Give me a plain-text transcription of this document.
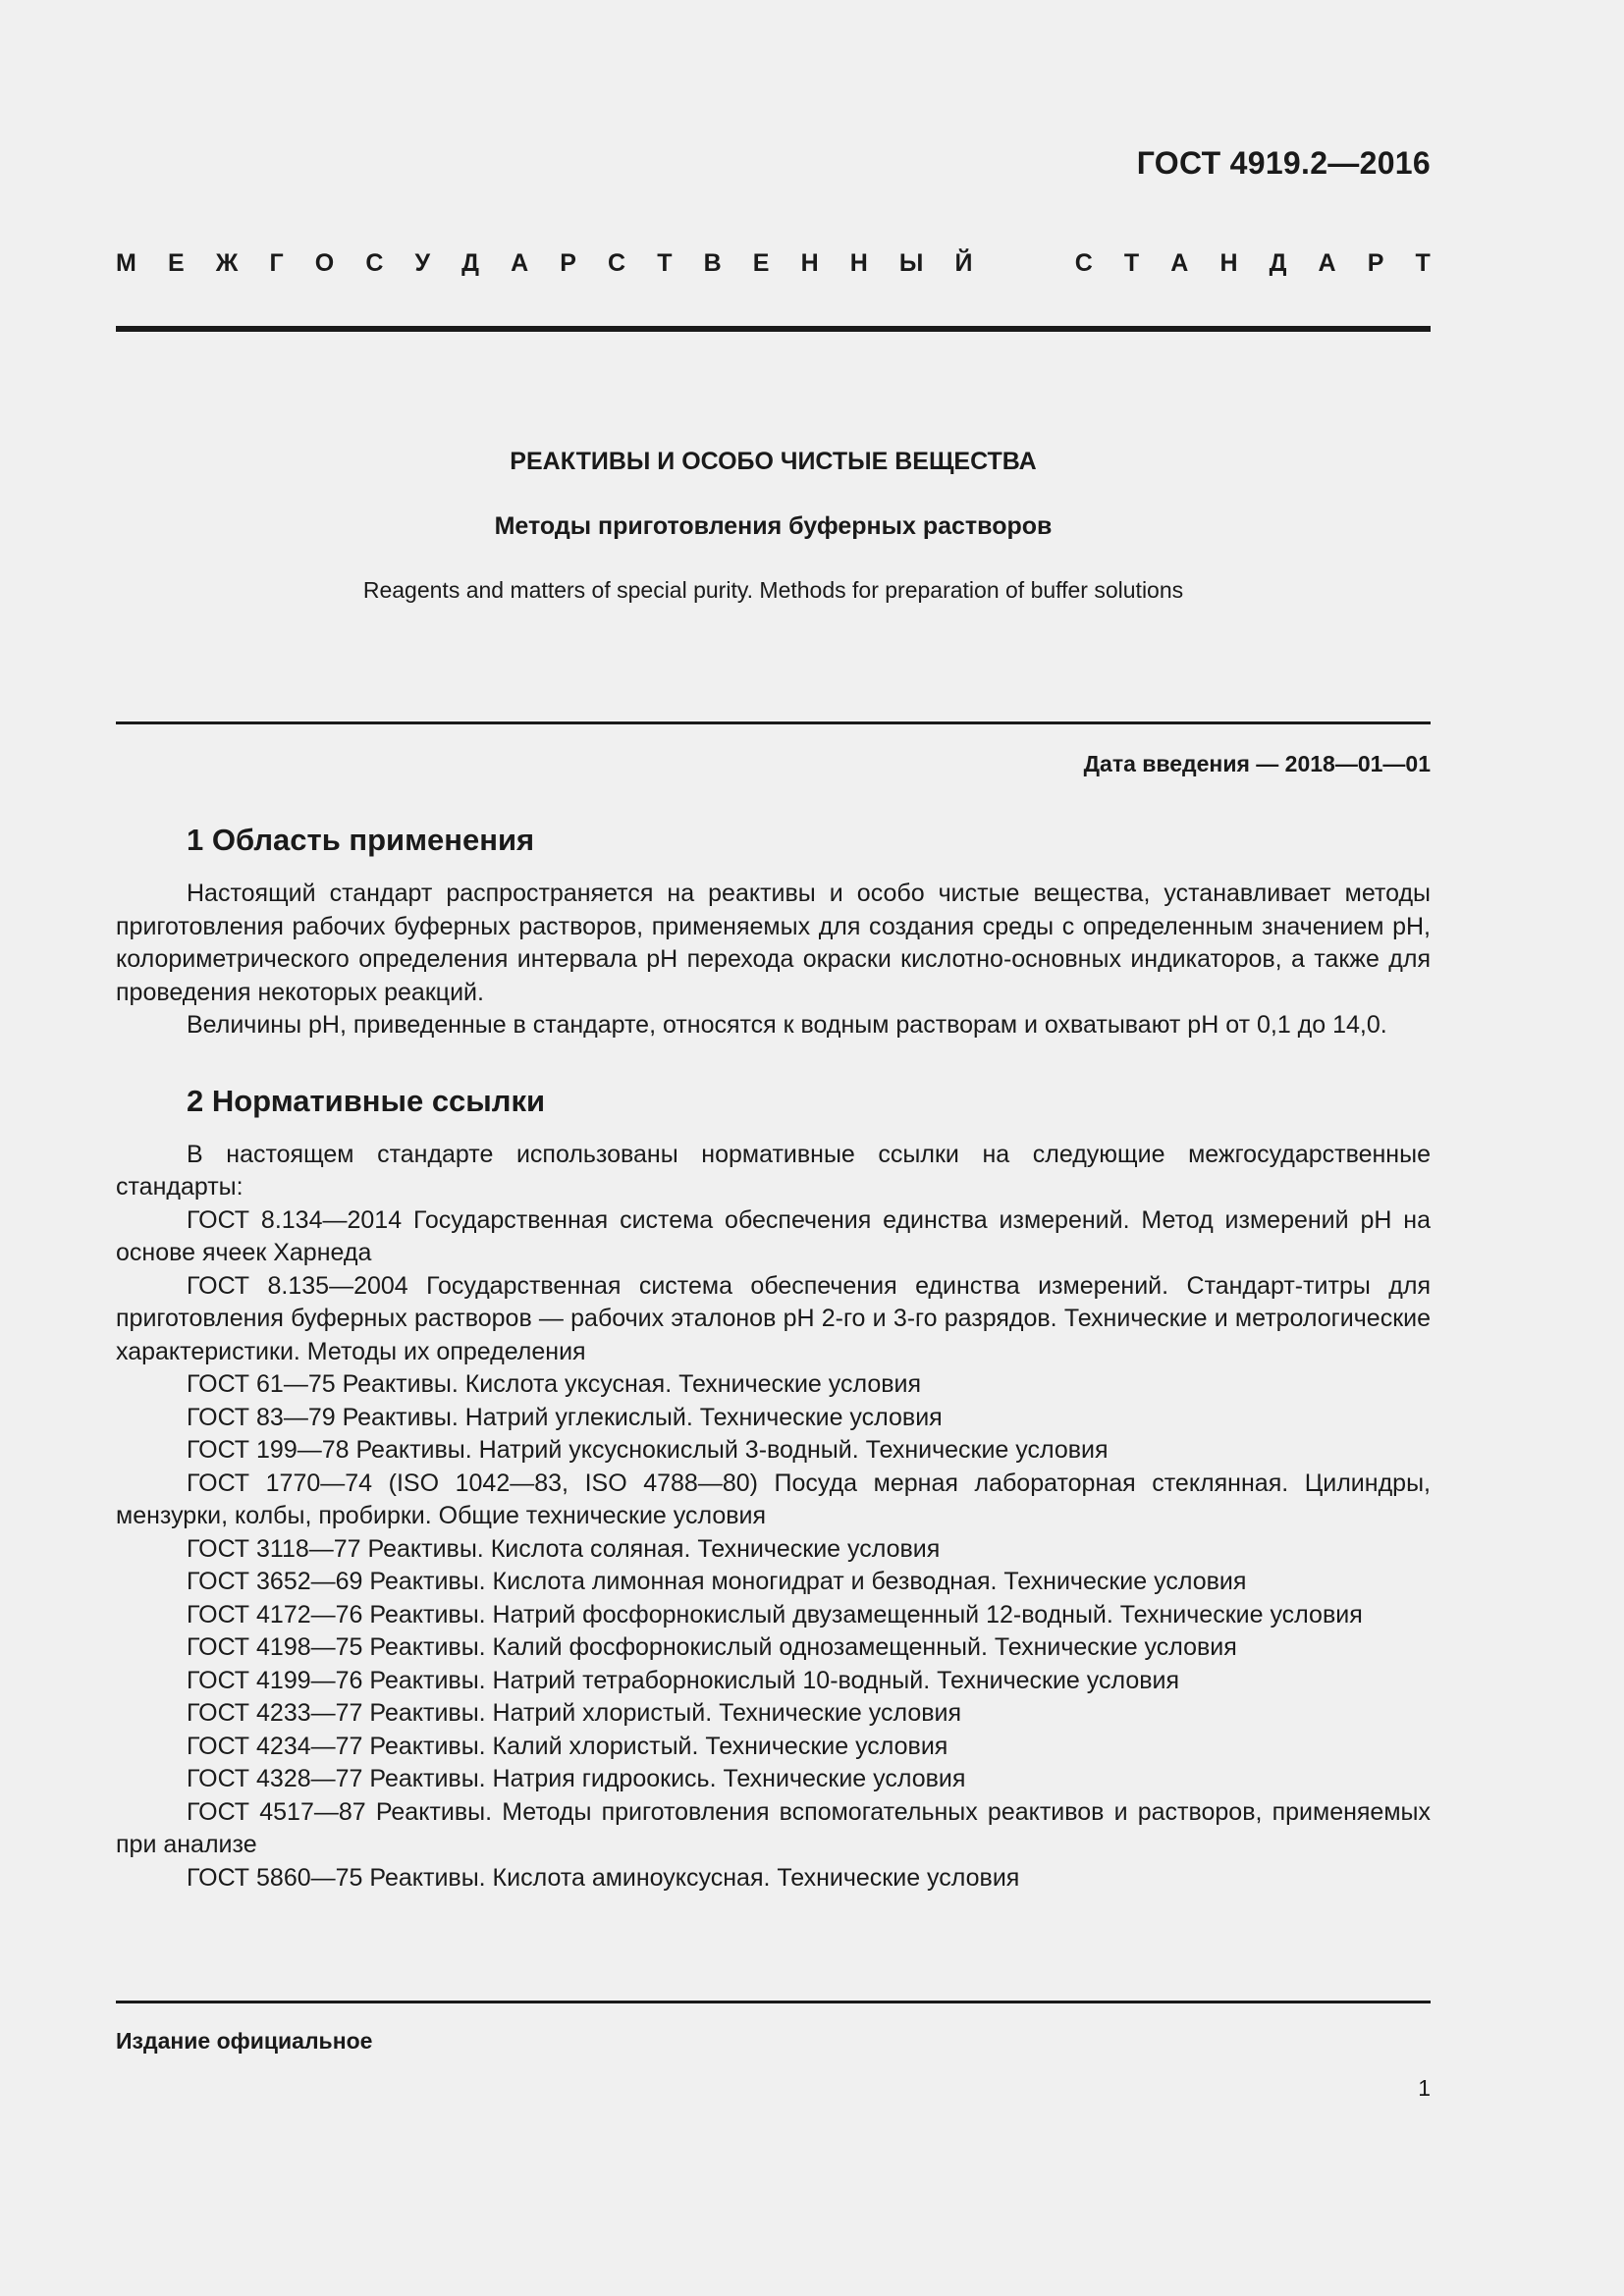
ГОСТ 4919.2—2016
М Е Ж Г О С У Д А Р С Т В Е Н Н Ы Й	С Т А Н Д А Р Т
РЕАКТИВЫ И ОСОБО ЧИСТЫЕ ВЕЩЕСТВА
Методы приготовления буферных растворов
Reagents and matters of special purity. Methods for preparation of buffer solutions
Дата введения — 2018—01—01
1 Область применения

Настоящий стандарт распространяется на реактивы и особо чистые вещества, устанавливает методы приготовления рабочих буферных растворов, применяемых для создания среды с определенным значением рН, колориметрического определения интервала рН перехода окраски кислотно-основных индикаторов, а также для проведения некоторых реакций.

Величины рН, приведенные в стандарте, относятся к водным растворам и охватывают рН от 0,1 до 14,0.

2 Нормативные ссылки

В настоящем стандарте использованы нормативные ссылки на следующие межгосударственные стандарты:

ГОСТ 8.134—2014 Государственная система обеспечения единства измерений. Метод измерений рН на основе ячеек Харнеда

ГОСТ 8.135—2004 Государственная система обеспечения единства измерений. Стандарт-титры для приготовления буферных растворов — рабочих эталонов рН 2-го и 3-го разрядов. Технические и метрологические характеристики. Методы их определения

ГОСТ 61—75 Реактивы. Кислота уксусная. Технические условия

ГОСТ 83—79 Реактивы. Натрий углекислый. Технические условия

ГОСТ 199—78 Реактивы. Натрий уксуснокислый 3-водный. Технические условия

ГОСТ 1770—74 (ISO 1042—83, ISO 4788—80) Посуда мерная лабораторная стеклянная. Цилиндры, мензурки, колбы, пробирки. Общие технические условия

ГОСТ 3118—77 Реактивы. Кислота соляная. Технические условия

ГОСТ 3652—69 Реактивы. Кислота лимонная моногидрат и безводная. Технические условия

ГОСТ 4172—76 Реактивы. Натрий фосфорнокислый двузамещенный 12-водный. Технические условия

ГОСТ 4198—75 Реактивы. Калий фосфорнокислый однозамещенный. Технические условия

ГОСТ 4199—76 Реактивы. Натрий тетраборнокислый 10-водный. Технические условия

ГОСТ 4233—77 Реактивы. Натрий хлористый. Технические условия

ГОСТ 4234—77 Реактивы. Калий хлористый. Технические условия

ГОСТ 4328—77 Реактивы. Натрия гидроокись. Технические условия

ГОСТ 4517—87 Реактивы. Методы приготовления вспомогательных реактивов и растворов, применяемых при анализе

ГОСТ 5860—75 Реактивы. Кислота аминоуксусная. Технические условия

Издание официальное
1
